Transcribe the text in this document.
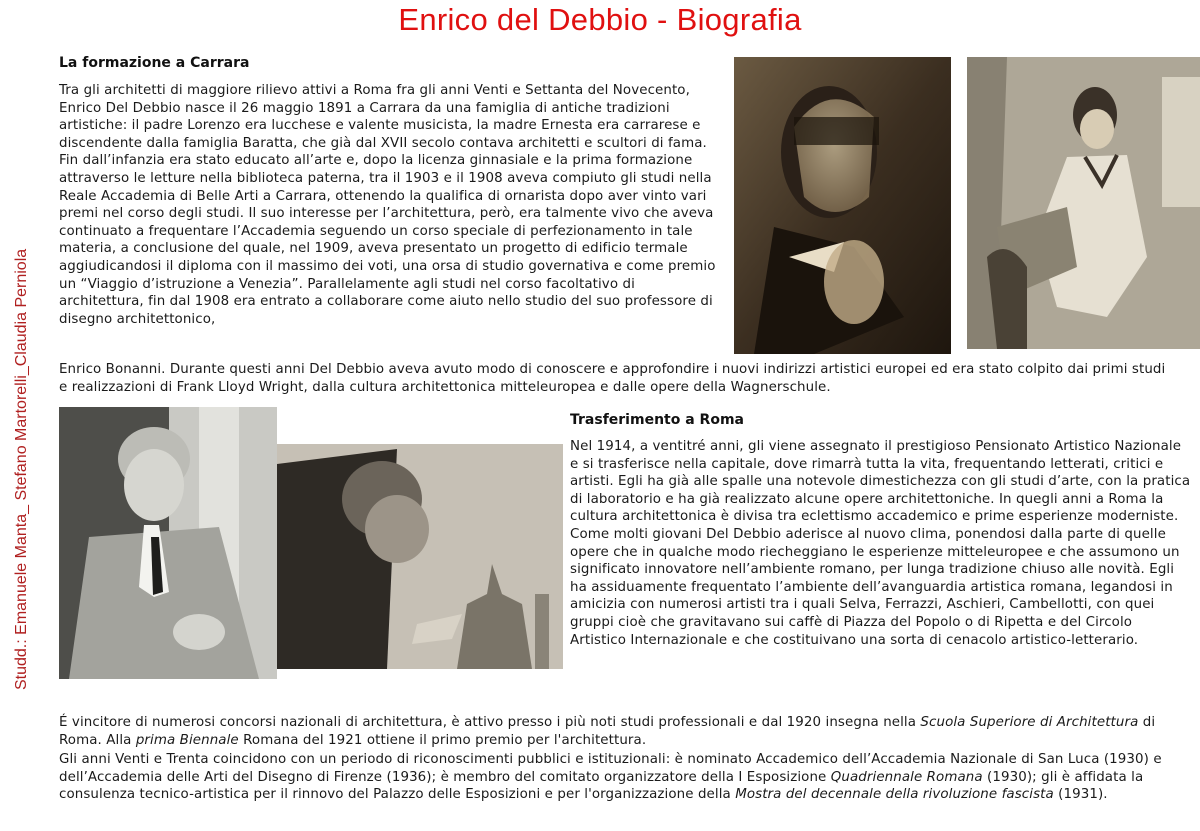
Enrico del Debbio - Biografia
Studd.: Emanuele Manta_ Stefano Martorelli_Claudia Perniola
La formazione a Carrara

Tra gli architetti di maggiore rilievo attivi a Roma fra gli anni Venti e Settanta del Novecento, Enrico Del Debbio nasce il 26 maggio 1891 a Carrara da una famiglia di antiche tradizioni artistiche: il padre Lorenzo era lucchese e valente musicista, la madre Ernesta era carrarese e discendente dalla famiglia Baratta, che già dal XVII secolo contava architetti e scultori di fama. Fin dall’infanzia era stato educato all’arte e, dopo la licenza ginnasiale e la prima formazione attraverso le letture nella biblioteca paterna, tra il 1903 e il 1908 aveva compiuto gli studi nella Reale Accademia di Belle Arti a Carrara, ottenendo la qualifica di ornarista dopo aver vinto vari premi nel corso degli studi. Il suo interesse per l’architettura, però, era talmente vivo che aveva continuato a frequentare l’Accademia seguendo un corso speciale di perfezionamento in tale materia, a conclusione del quale, nel 1909, aveva presentato un progetto di edificio termale aggiudicandosi il diploma con il massimo dei voti, una orsa di studio governativa e come premio un “Viaggio d’istruzione a Venezia”. Parallelamente agli studi nel corso facoltativo di architettura, fin dal 1908 era entrato a collaborare come aiuto nello studio del suo professore di disegno architettonico,

Enrico Bonanni. Durante questi anni Del Debbio aveva avuto modo di conoscere e approfondire i nuovi indirizzi artistici europei ed era stato colpito dai primi studi e realizzazioni di Frank Lloyd Wright, dalla cultura architettonica mitteleuropea e dalle opere della Wagnerschule.

Trasferimento a Roma

Nel 1914, a ventitré anni, gli viene assegnato il prestigioso Pensionato Artistico Nazionale e si trasferisce nella capitale, dove rimarrà tutta la vita, frequentando letterati, critici e artisti. Egli ha già alle spalle una notevole dimestichezza con gli studi d’arte, con la pratica di laboratorio e ha già realizzato alcune opere architettoniche. In quegli anni a Roma la cultura architettonica è divisa tra eclettismo accademico e prime esperienze moderniste. Come molti giovani Del Debbio aderisce al nuovo clima, ponendosi dalla parte di quelle opere che in qualche modo riecheggiano le esperienze mitteleuropee e che assumono un significato innovatore nell’ambiente romano, per lunga tradizione chiuso alle novità. Egli ha assiduamente frequentato l’ambiente dell’avanguardia artistica romana, legandosi in amicizia con numerosi artisti tra i quali Selva, Ferrazzi, Aschieri, Cambellotti, con quei gruppi cioè che gravitavano sui caffè di Piazza del Popolo o di Ripetta e del Circolo Artistico Internazionale e che costituivano una sorta di cenacolo artistico-letterario.

É vincitore di numerosi concorsi nazionali di architettura, è attivo presso i più noti studi professionali e dal 1920 insegna nella Scuola Superiore di Architettura di Roma. Alla prima Biennale Romana del 1921 ottiene il primo premio per l'architettura.

Gli anni Venti e Trenta coincidono con un periodo di riconoscimenti pubblici e istituzionali: è nominato Accademico dell’Accademia Nazionale di San Luca (1930) e dell’Accademia delle Arti del Disegno di Firenze (1936); è membro del comitato organizzatore della I Esposizione Quadriennale Romana (1930); gli è affidata la consulenza tecnico-artistica per il rinnovo del Palazzo delle Esposizioni e per l'organizzazione della Mostra del decennale della rivoluzione fascista (1931).
